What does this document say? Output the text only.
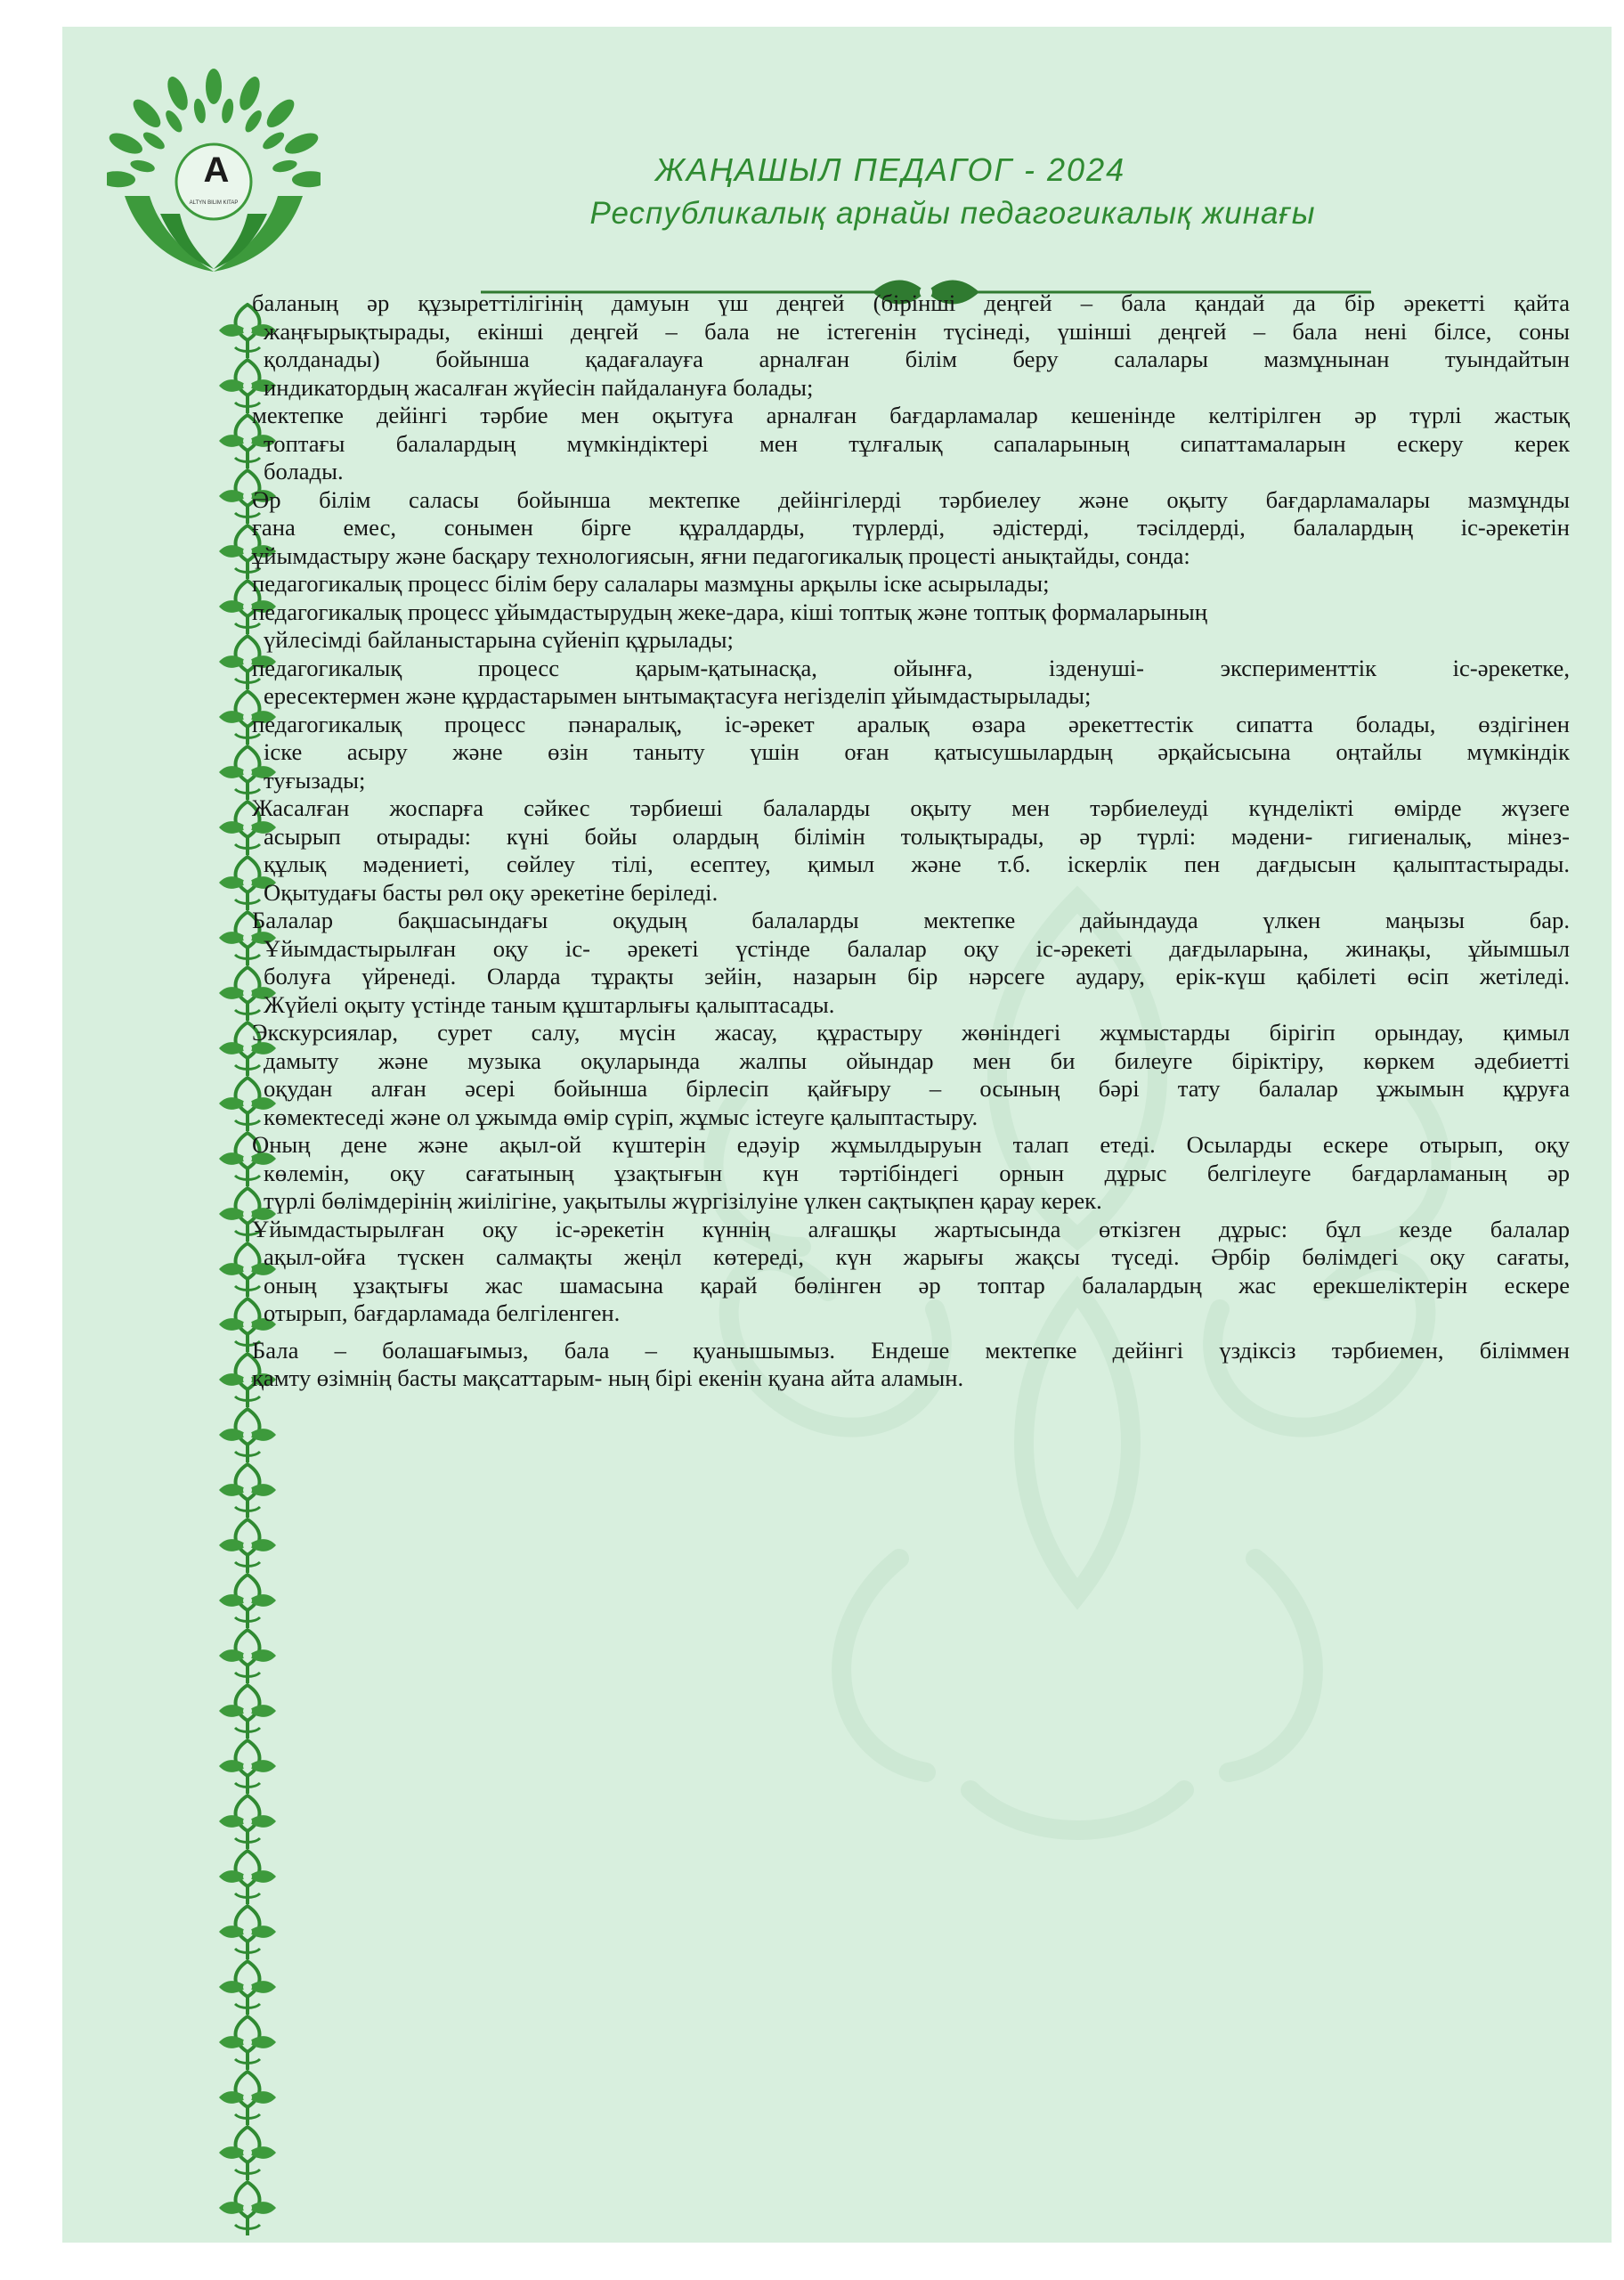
А
ALTYN BILIM KITAP
ЖАҢАШЫЛ ПЕДАГОГ - 2024
Республикалық арнайы педагогикалық жинағы
баланың әр құзыреттілігінің дамуын үш деңгей (бірінші деңгей – бала қандай да бір әрекетті қайта
жаңғырықтырады, екінші деңгей – бала не істегенін түсінеді, үшінші деңгей – бала нені білсе, соны
қолданады) бойынша қадағалауға арналған білім беру салалары мазмұнынан туындайтын
индикатордың жасалған жүйесін пайдалануға болады;
мектепке дейінгі тәрбие мен оқытуға арналған бағдарламалар кешенінде келтірілген әр түрлі жастық
топтағы балалардың мүмкіндіктері мен тұлғалық сапаларының сипаттамаларын ескеру керек
болады.
Әр білім саласы бойынша мектепке дейінгілерді тәрбиелеу және оқыту бағдарламалары мазмұнды
ғана емес, сонымен бірге құралдарды, түрлерді, әдістерді, тәсілдерді, балалардың іс-әрекетін
ұйымдастыру және басқару технологиясын, яғни педагогикалық процесті анықтайды, сонда:
педагогикалық процесс білім беру салалары мазмұны арқылы іске асырылады;
педагогикалық процесс ұйымдастырудың жеке-дара, кіші топтық және топтық формаларының
үйлесімді байланыстарына сүйеніп құрылады;
педагогикалық процесс қарым-қатынасқа, ойынға, ізденуші- эксперименттік іс-әрекетке,
ересектермен және құрдастарымен ынтымақтасуға негізделіп ұйымдастырылады;
педагогикалық процесс пәнаралық, іс-әрекет аралық өзара әрекеттестік сипатта болады, өздігінен
іске асыру және өзін таныту үшін оған қатысушылардың әрқайсысына оңтайлы мүмкіндік
туғызады;
Жасалған жоспарға сәйкес тәрбиеші балаларды оқыту мен тәрбиелеуді күнделікті өмірде жүзеге
асырып отырады: күні бойы олардың білімін толықтырады, әр түрлі: мәдени- гигиеналық, мінез-
құлық мәдениеті, сөйлеу тілі, есептеу, қимыл және т.б. іскерлік пен дағдысын қалыптастырады.
Оқытудағы басты рөл оқу әрекетіне беріледі.
Балалар бақшасындағы оқудың балаларды мектепке дайындауда үлкен маңызы бар.
Ұйымдастырылған оқу іс- әрекеті үстінде балалар оқу іс-әрекеті дағдыларына, жинақы, ұйымшыл
болуға үйренеді. Оларда тұрақты зейін, назарын бір нәрсеге аудару, ерік-күш қабілеті өсіп жетіледі.
Жүйелі оқыту үстінде таным құштарлығы қалыптасады.
Экскурсиялар, сурет салу, мүсін жасау, құрастыру жөніндегі жұмыстарды бірігіп орындау, қимыл
дамыту және музыка оқуларында жалпы ойындар мен би билеуге біріктіру, көркем әдебиетті
оқудан алған әсері бойынша бірлесіп қайғыру – осының бәрі тату балалар ұжымын құруға
көмектеседі және ол ұжымда өмір сүріп, жұмыс істеуге қалыптастыру.
Оның дене және ақыл-ой күштерін едәуір жұмылдыруын талап етеді. Осыларды ескере отырып, оқу
көлемін, оқу сағатының ұзақтығын күн тәртібіндегі орнын дұрыс белгілеуге бағдарламаның әр
түрлі бөлімдерінің жиілігіне, уақытылы жүргізілуіне үлкен сақтықпен қарау керек.
Ұйымдастырылған оқу іс-әрекетін күннің алғашқы жартысында өткізген дұрыс: бұл кезде балалар
ақыл-ойға түскен салмақты жеңіл көтереді, күн жарығы жақсы түседі. Әрбір бөлімдегі оқу сағаты,
оның ұзақтығы жас шамасына қарай бөлінген әр топтар балалардың жас ерекшеліктерін ескере
отырып, бағдарламада белгіленген.
Бала – болашағымыз, бала – қуанышымыз. Ендеше мектепке дейінгі үздіксіз тәрбиемен, біліммен
қамту өзімнің басты мақсаттарым- ның бірі екенін қуана айта аламын.
